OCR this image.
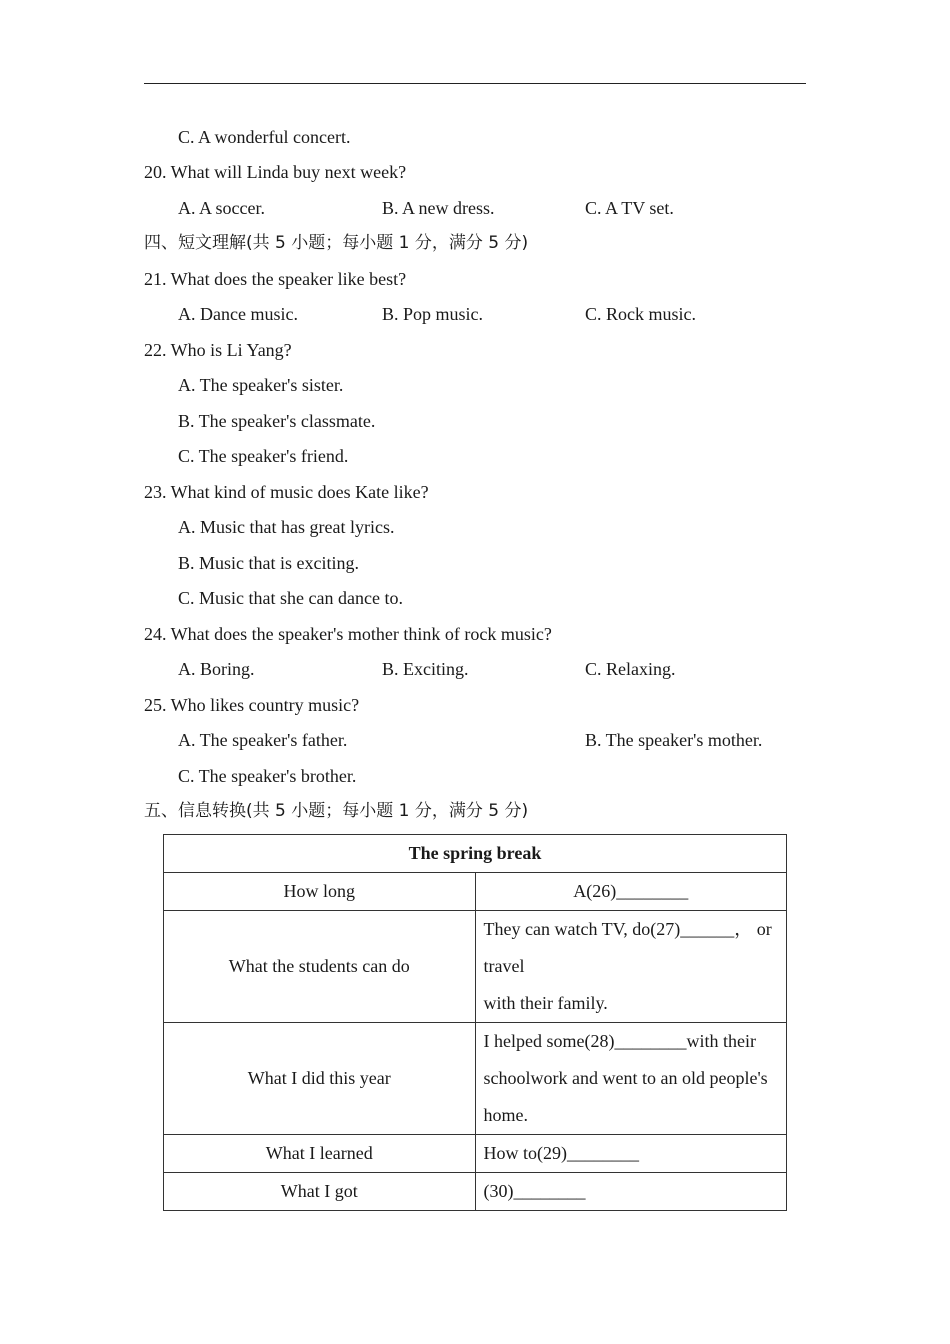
C. A wonderful concert.
20. What will Linda buy next week?
A. A soccer.	B. A new dress.	C. A TV set.
四、短文理解(共 5 小题；每小题 1 分，满分 5 分)
21. What does the speaker like best?
A. Dance music.	B. Pop music.	C. Rock music.
22. Who is Li Yang?
A. The speaker's sister.
B. The speaker's classmate.
C. The speaker's friend.
23. What kind of music does Kate like?
A. Music that has great lyrics.
B. Music that is exciting.
C. Music that she can dance to.
24. What does the speaker's mother think of rock music?
A. Boring.	B. Exciting.	C. Relaxing.
25. Who likes country music?
A. The speaker's father.	B. The speaker's mother.
C. The speaker's brother.
五、信息转换(共 5 小题；每小题 1 分，满分 5 分)
The spring break	
How long	A(26)________
What the students can do	They can watch TV, do(27)______， or travel
with their family.

What I did this year	I helped some(28)________with their
schoolwork and went to an old people's home.

What I learned	How to(29)________
What I got	(30)________
